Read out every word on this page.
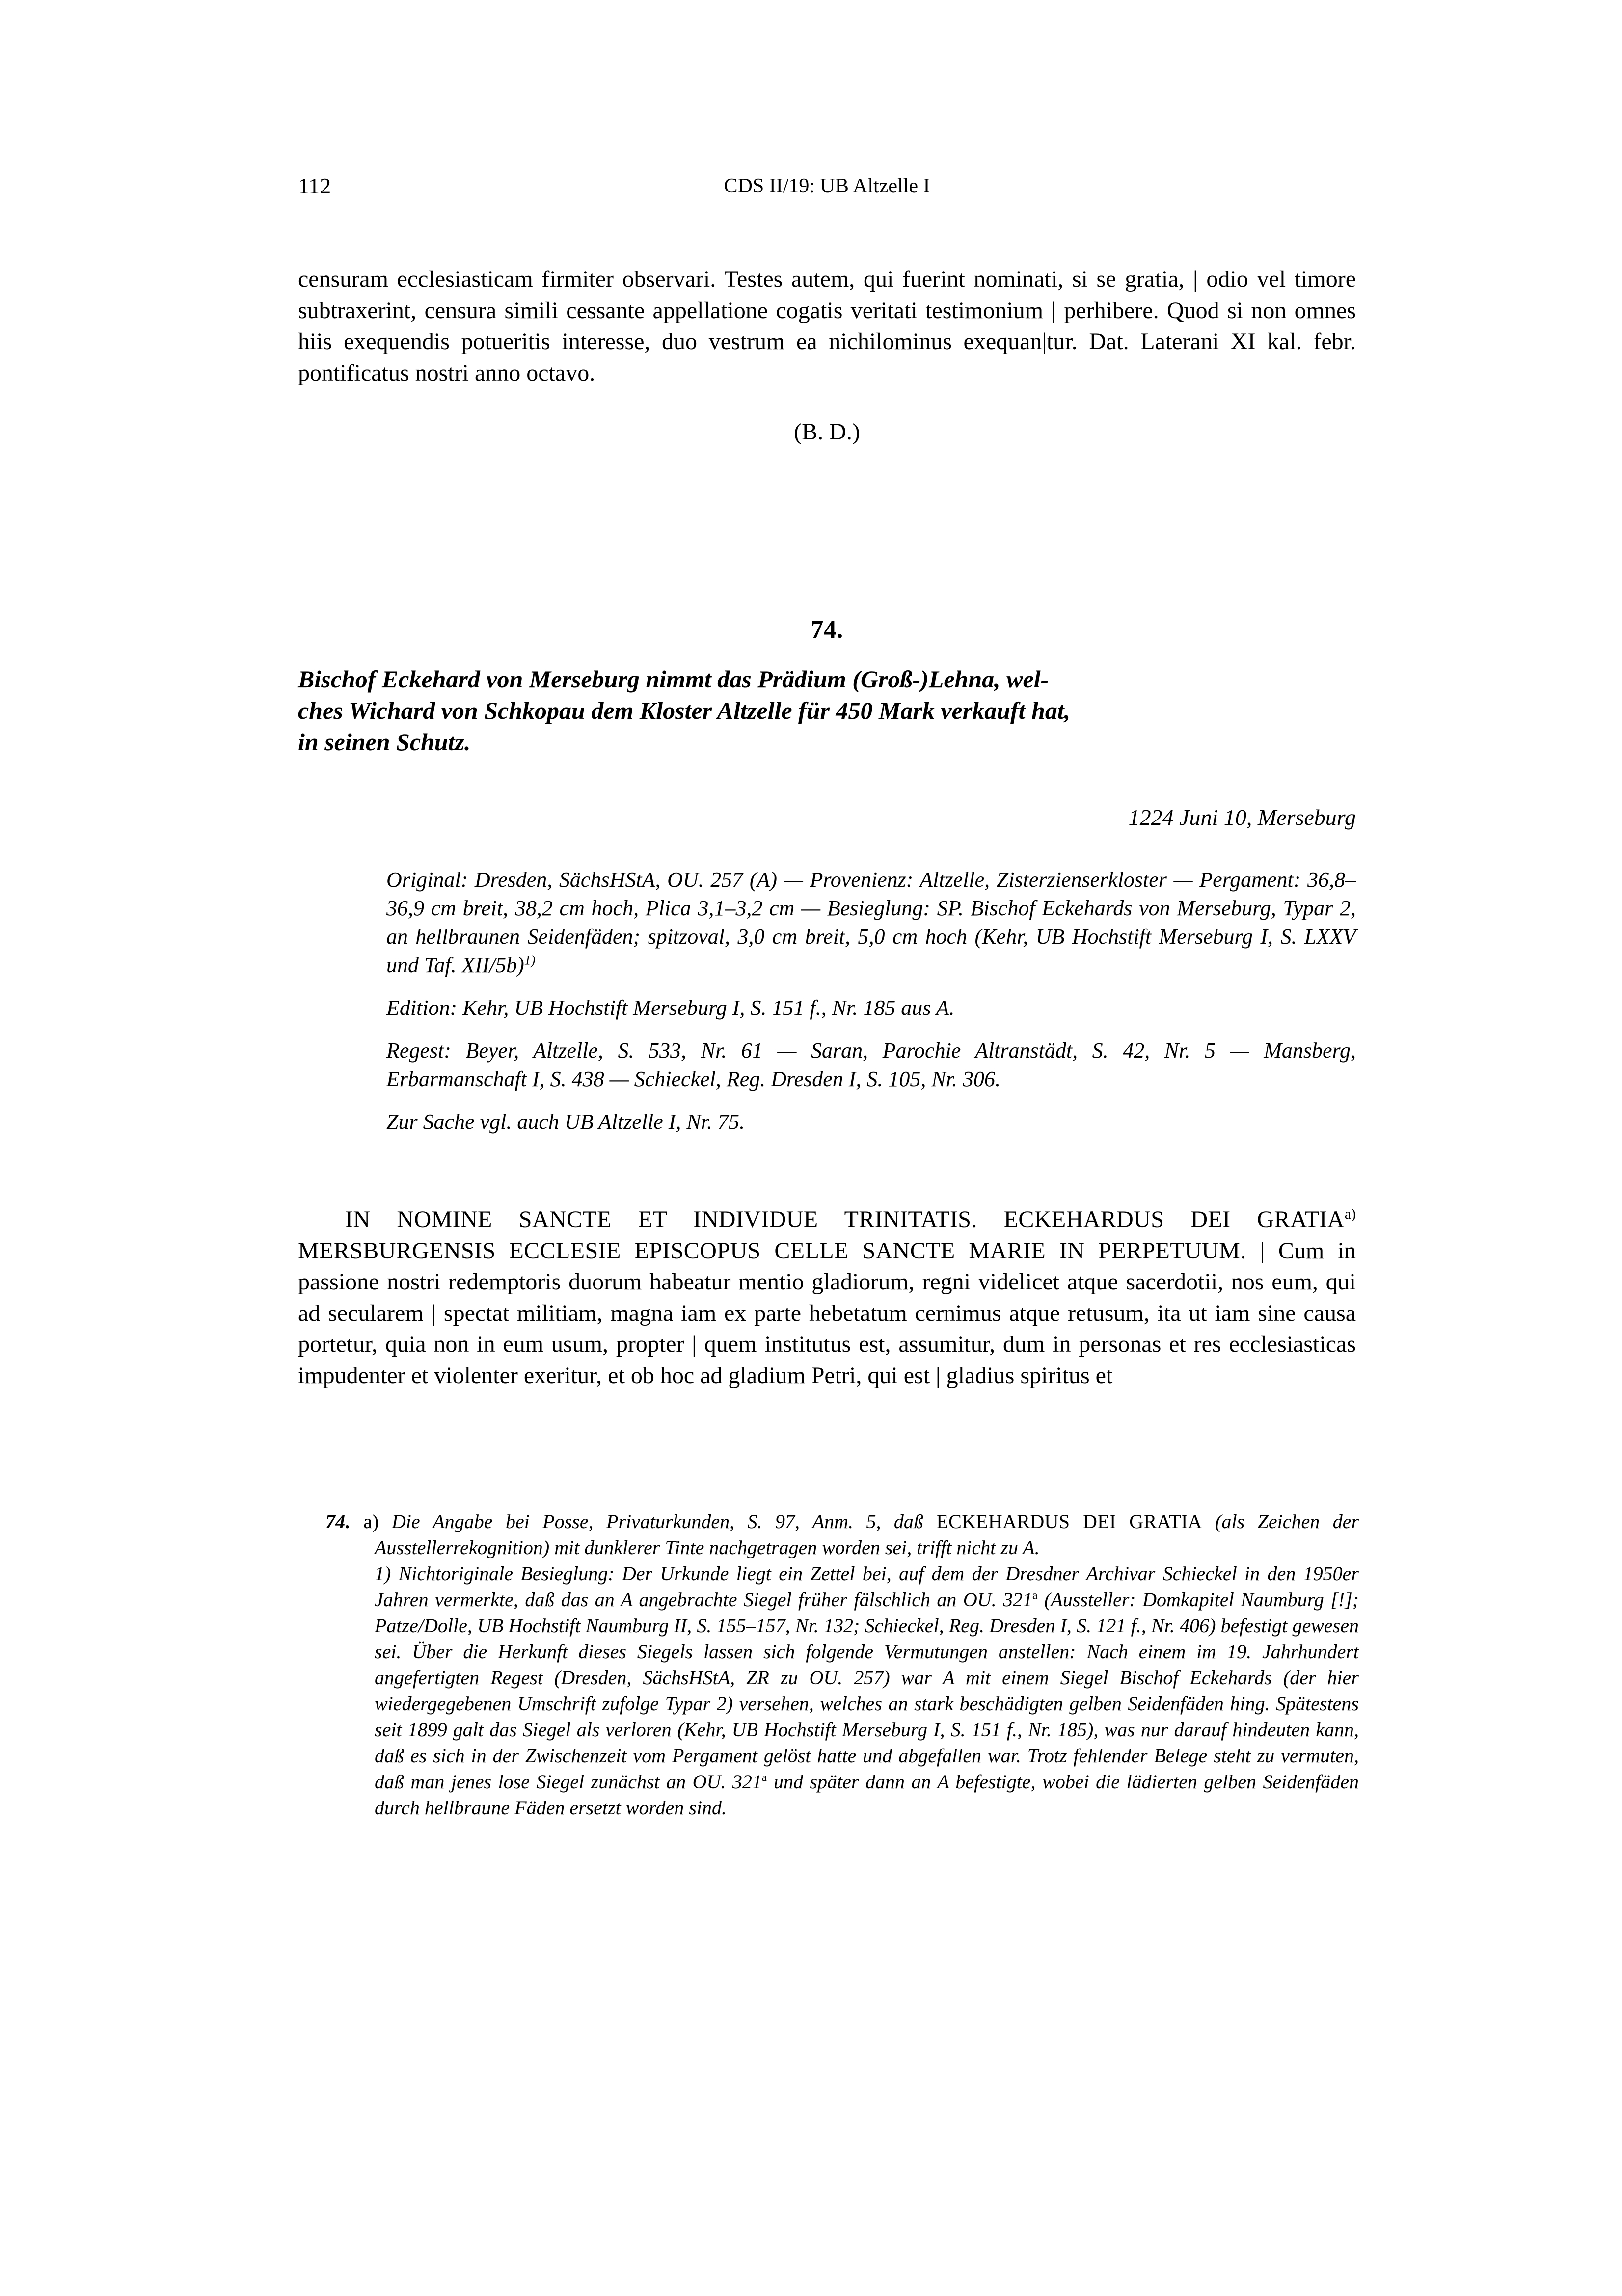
112	CDS II/19: UB Altzelle I

censuram ecclesiasticam firmiter observari. Testes autem, qui fuerint nominati, si se gratia, | odio vel timore subtraxerint, censura simili cessante appellatione cogatis veritati testimonium | perhibere. Quod si non omnes hiis exequendis potueritis interesse, duo vestrum ea nichilominus exequan|tur. Dat. Laterani XI kal. febr. pontificatus nostri anno octavo.

(B. D.)
74.
Bischof Eckehard von Merseburg nimmt das Prädium (Groß-)Lehna, wel-
ches Wichard von Schkopau dem Kloster Altzelle für 450 Mark verkauft hat,
in seinen Schutz.
1224 Juni 10, Merseburg
Original: Dresden, SächsHStA, OU. 257 (A) — Provenienz: Altzelle, Zisterzienserkloster — Pergament: 36,8–36,9 cm breit, 38,2 cm hoch, Plica 3,1–3,2 cm — Besieglung: SP. Bischof Eckehards von Merseburg, Typar 2, an hellbraunen Seidenfäden; spitzoval, 3,0 cm breit, 5,0 cm hoch (Kehr, UB Hochstift Merseburg I, S. LXXV und Taf. XII/5b)$^{1)}$
Edition: Kehr, UB Hochstift Merseburg I, S. 151 f., Nr. 185 aus A.
Regest: Beyer, Altzelle, S. 533, Nr. 61 — Saran, Parochie Altranstädt, S. 42, Nr. 5 — Mansberg, Erbarmanschaft I, S. 438 — Schieckel, Reg. Dresden I, S. 105, Nr. 306.
Zur Sache vgl. auch UB Altzelle I, Nr. 75.

IN NOMINE SANCTE ET INDIVIDUE TRINITATIS. ECKEHARDUS DEI GRATIA$^{a)}$ MERSBURGENSIS ECCLESIE EPISCOPUS CELLE SANCTE MARIE IN PERPETUUM. | Cum in passione nostri redemptoris duorum habeatur mentio gladiorum, regni videlicet atque sacerdotii, nos eum, qui ad secularem | spectat militiam, magna iam ex parte hebetatum cernimus atque retusum, ita ut iam sine causa portetur, quia non in eum usum, propter | quem institutus est, assumitur, dum in personas et res ecclesiasticas impudenter et violenter exeritur, et ob hoc ad gladium Petri, qui est | gladius spiritus et

74. a) Die Angabe bei Posse, Privaturkunden, S. 97, Anm. 5, daß ECKEHARDUS DEI GRATIA (als Zeichen der Ausstellerrekognition) mit dunklerer Tinte nachgetragen worden sei, trifft nicht zu A.
1) Nichtoriginale Besieglung: Der Urkunde liegt ein Zettel bei, auf dem der Dresdner Archivar Schieckel in den 1950er Jahren vermerkte, daß das an A angebrachte Siegel früher fälschlich an OU. 321$^a$ (Aussteller: Domkapitel Naumburg [!]; Patze/Dolle, UB Hochstift Naumburg II, S. 155–157, Nr. 132; Schieckel, Reg. Dresden I, S. 121 f., Nr. 406) befestigt gewesen sei. Über die Herkunft dieses Siegels lassen sich folgende Vermutungen anstellen: Nach einem im 19. Jahrhundert angefertigten Regest (Dresden, SächsHStA, ZR zu OU. 257) war A mit einem Siegel Bischof Eckehards (der hier wiedergegebenen Umschrift zufolge Typar 2) versehen, welches an stark beschädigten gelben Seidenfäden hing. Spätestens seit 1899 galt das Siegel als verloren (Kehr, UB Hochstift Merseburg I, S. 151 f., Nr. 185), was nur darauf hindeuten kann, daß es sich in der Zwischenzeit vom Pergament gelöst hatte und abgefallen war. Trotz fehlender Belege steht zu vermuten, daß man jenes lose Siegel zunächst an OU. 321$^a$ und später dann an A befestigte, wobei die lädierten gelben Seidenfäden durch hellbraune Fäden ersetzt worden sind.
